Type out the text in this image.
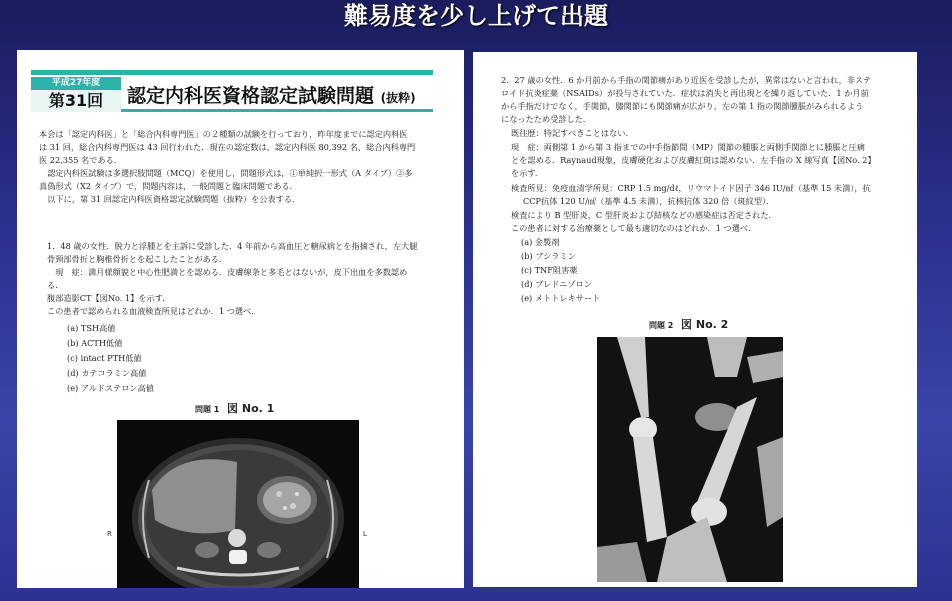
難易度を少し上げて出題
平成27年度
第31回	認定内科医資格認定試験問題 (抜粋)
本会は「認定内科医」と「総合内科専門医」の２種類の試験を行っており，昨年度までに認定内科医
は 31 回，総合内科専門医は 43 回行われた．現在の認定数は，認定内科医 80,392 名，総合内科専門
医 22,355 名である．
　認定内科医試験は多選択肢問題（MCQ）を使用し，問題形式は，①単純択一形式（A タイプ）②多
真偽形式（X2 タイプ）で，問題内容は，一般問題と臨床問題である．
　以下に，第 31 回認定内科医資格認定試験問題（抜粋）を公表する．
1．48 歳の女性．脱力と浮腫とを主訴に受診した．4 年前から高血圧と糖尿病とを指摘され，左大腿
骨頸部骨折と胸椎骨折とを起こしたことがある．
　現　症：満月様顔貌と中心性肥満とを認める．皮膚線条と多毛とはないが，皮下出血を多数認め
る．
腹部造影CT【図No. 1】を示す．
この患者で認められる血液検査所見はどれか．1 つ選べ．
(a) TSH高値
(b) ACTH低値
(c) intact PTH低値
(d) カテコラミン高値
(e) アルドステロン高値
問題 1 図 No. 1
R	L
2．27 歳の女性．6 か月前から手指の関節痛があり近医を受診したが，異常はないと言われ，非ステ
ロイド抗炎症薬（NSAIDs）が投与されていた．症状は消失と再出現とを繰り返していた．1 か月前
から手指だけでなく，手関節，膝関節にも関節痛が広がり，左の第 1 指の関節腫脹がみられるよう
になったため受診した．
既往歴：特記すべきことはない．
現　症：両側第 1 から第 3 指までの中手指節間（MP）関節の腫脹と両側手関節とに腫脹と圧痛
とを認める．Raynaud現象，皮膚硬化および皮膚紅斑は認めない．左手指の X 線写真【図No. 2】
を示す．
検査所見：免疫血清学所見：CRP 1.5 mg/dℓ，リウマトイド因子 346 IU/㎖（基準 15 未満），抗
CCP抗体 120 U/㎖（基準 4.5 未満），抗核抗体 320 倍（斑紋型）．
検査により B 型肝炎，C 型肝炎および結核などの感染症は否定された．
この患者に対する治療薬として最も適切なのはどれか．1 つ選べ．
(a) 金製剤
(b) ブシラミン
(c) TNF阻害薬
(d) プレドニゾロン
(e) メトトレキサート
問題 2 図 No. 2
